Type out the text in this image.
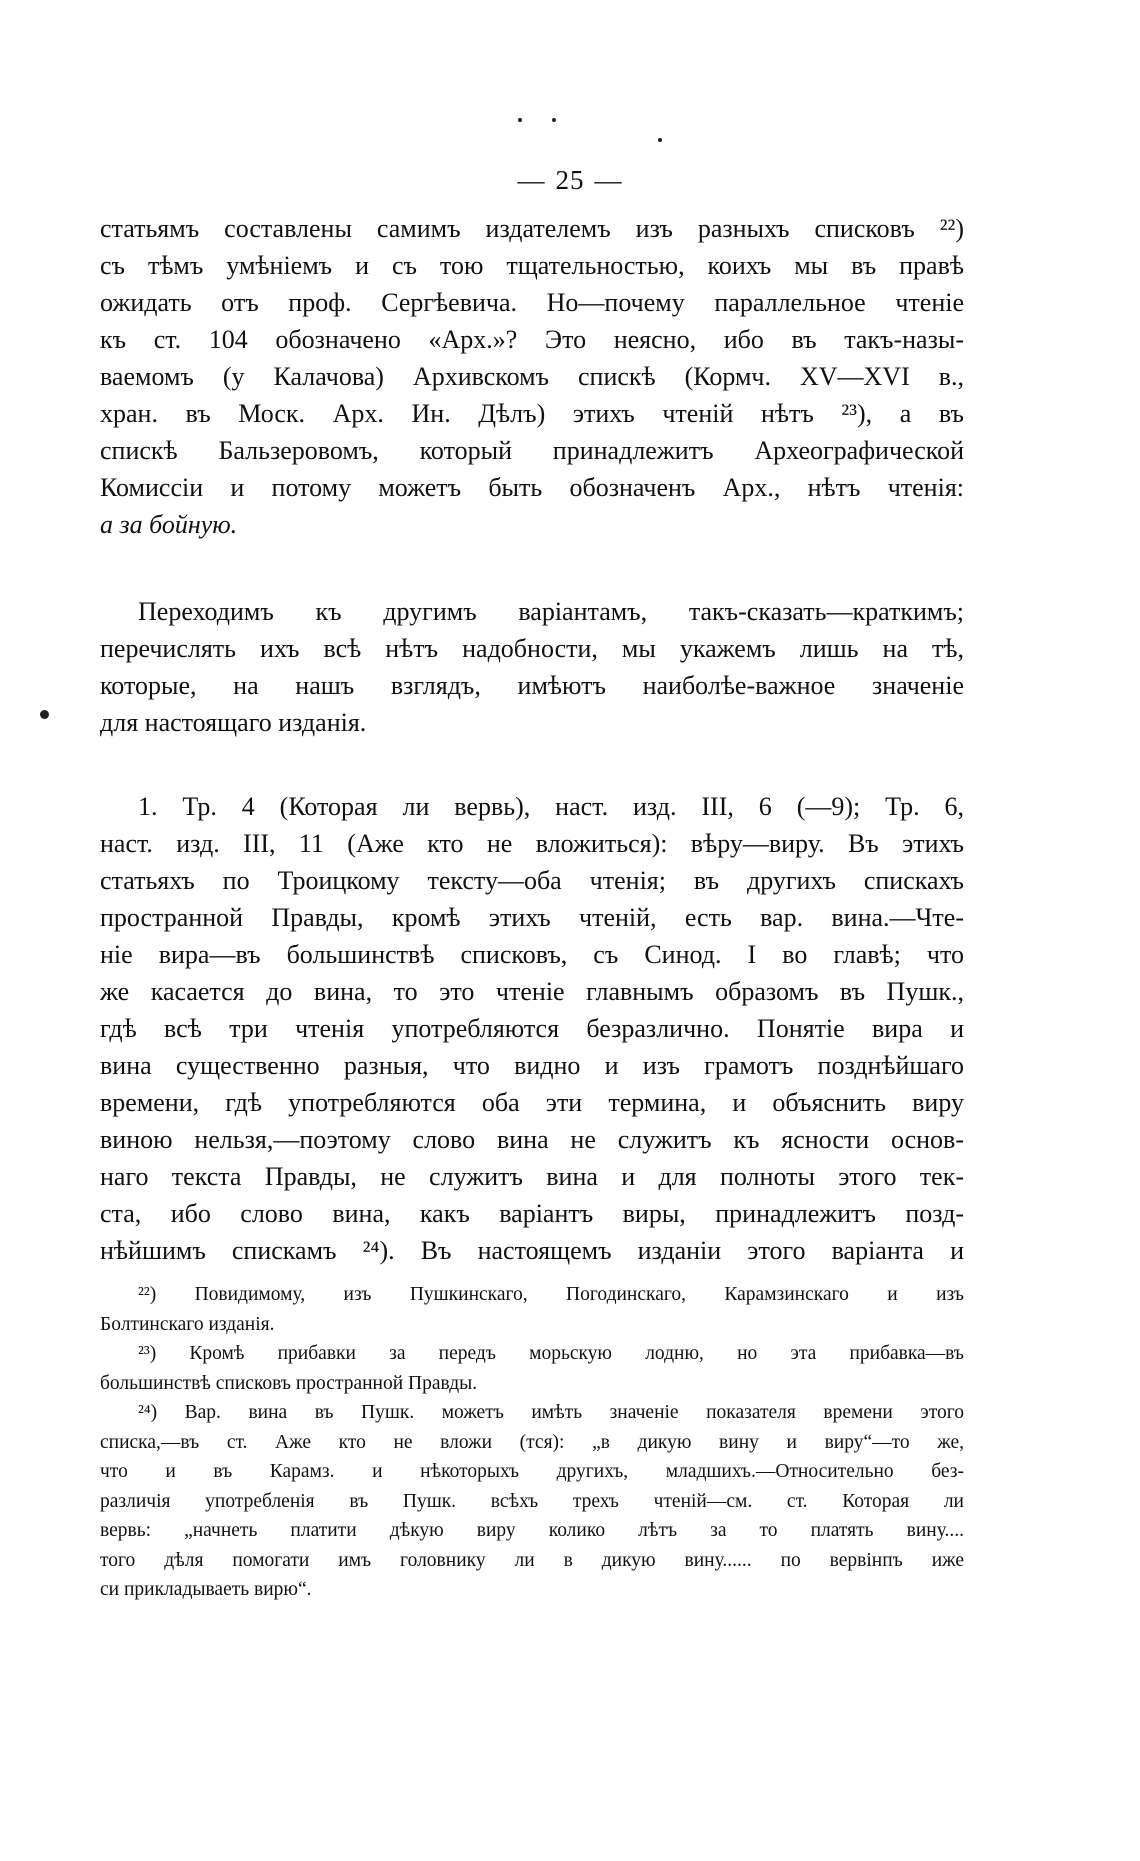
— 25 —
статьямъ составлены самимъ издателемъ изъ разныхъ списковъ ²²)
съ тѣмъ умѣніемъ и съ тою тщательностью, коихъ мы въ правѣ
ожидать отъ проф. Сергѣевича. Но—почему параллельное чтеніе
къ ст. 104 обозначено «Арх.»? Это неясно, ибо въ такъ-назы-
ваемомъ (у Калачова) Архивскомъ спискѣ (Кормч. XV—XVI в.,
хран. въ Моск. Арх. Ин. Дѣлъ) этихъ чтеній нѣтъ ²³), а въ
спискѣ Бальзеровомъ, который принадлежитъ Археографической
Комиссіи и потому можетъ быть обозначенъ Арх., нѣтъ чтенія:
а за бойную.
Переходимъ къ другимъ варіантамъ, такъ-сказать—краткимъ;
перечислять ихъ всѣ нѣтъ надобности, мы укажемъ лишь на тѣ,
которые, на нашъ взглядъ, имѣютъ наиболѣе-важное значеніе
для настоящаго изданія.
1. Тр. 4 (Которая ли вервь), наст. изд. III, 6 (—9); Тр. 6,
наст. изд. III, 11 (Аже кто не вложиться): вѣру—виру. Въ этихъ
статьяхъ по Троицкому тексту—оба чтенія; въ другихъ спискахъ
пространной Правды, кромѣ этихъ чтеній, есть вар. вина.—Чте-
ніе вира—въ большинствѣ списковъ, съ Синод. I во главѣ; что
же касается до вина, то это чтеніе главнымъ образомъ въ Пушк.,
гдѣ всѣ три чтенія употребляются безразлично. Понятіе вира и
вина существенно разныя, что видно и изъ грамотъ позднѣйшаго
времени, гдѣ употребляются оба эти термина, и объяснить виру
виною нельзя,—поэтому слово вина не служитъ къ ясности основ-
наго текста Правды, не служитъ вина и для полноты этого тек-
ста, ибо слово вина, какъ варіантъ виры, принадлежитъ позд-
нѣйшимъ спискамъ ²⁴). Въ настоящемъ изданіи этого варіанта и
²²) Повидимому, изъ Пушкинскаго, Погодинскаго, Карамзинскаго и изъ
Болтинскаго изданія.
²³) Кромѣ прибавки за передъ морьскую лодню, но эта прибавка—въ
большинствѣ списковъ пространной Правды.
²⁴) Вар. вина въ Пушк. можетъ имѣть значеніе показателя времени этого
списка,—въ ст. Аже кто не вложи (тся): „в дикую вину и виру“—то же,
что и въ Карамз. и нѣкоторыхъ другихъ, младшихъ.—Относительно без-
различія употребленія въ Пушк. всѣхъ трехъ чтеній—см. ст. Которая ли
вервь: „начнеть платити дѣкую виру колико лѣтъ за то платять вину....
того дѣля помогати имъ головнику ли в дикую вину...... по вервінпъ иже
си прикладываеть вирю“.
